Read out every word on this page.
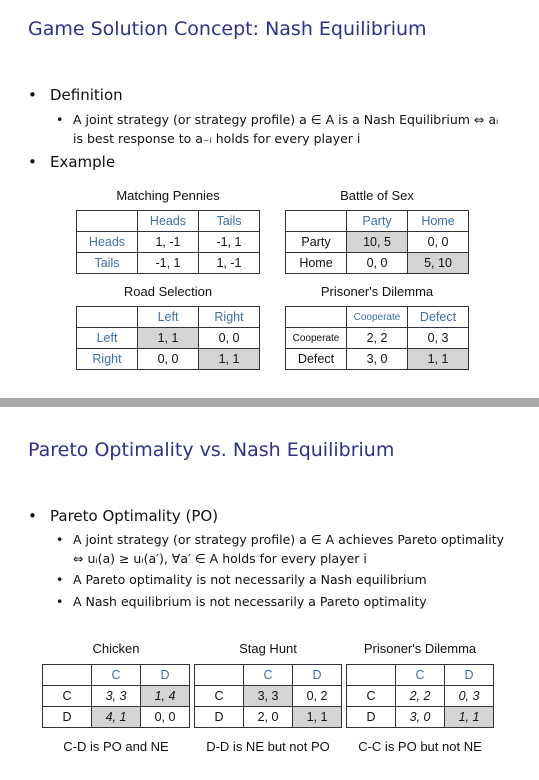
Game Solution Concept: Nash Equilibrium
• Definition
• A joint strategy (or strategy profile) a ∈ A is a Nash Equilibrium ⇔ aᵢ
is best response to a₋ᵢ holds for every player i
• Example
Matching Pennies
	Heads	Tails
Heads	1, -1	-1, 1
Tails	-1, 1	1, -1
Battle of Sex
	Party	Home
Party	10, 5	0, 0
Home	0, 0	5, 10
Road Selection
	Left	Right
Left	1, 1	0, 0
Right	0, 0	1, 1
Prisoner's Dilemma
	Cooperate	Defect
Cooperate	2, 2	0, 3
Defect	3, 0	1, 1
Pareto Optimality vs. Nash Equilibrium
• Pareto Optimality (PO)
• A joint strategy (or strategy profile) a ∈ A achieves Pareto optimality
⇔ uᵢ(a) ≥ uᵢ(a′), ∀a′ ∈ A holds for every player i
• A Pareto optimality is not necessarily a Nash equilibrium
• A Nash equilibrium is not necessarily a Pareto optimality
Chicken
	C	D
C	3, 3	1, 4
D	4, 1	0, 0
C-D is PO and NE
Stag Hunt
	C	D
C	3, 3	0, 2
D	2, 0	1, 1
D-D is NE but not PO
Prisoner's Dilemma
	C	D
C	2, 2	0, 3
D	3, 0	1, 1
C-C is PO but not NE
